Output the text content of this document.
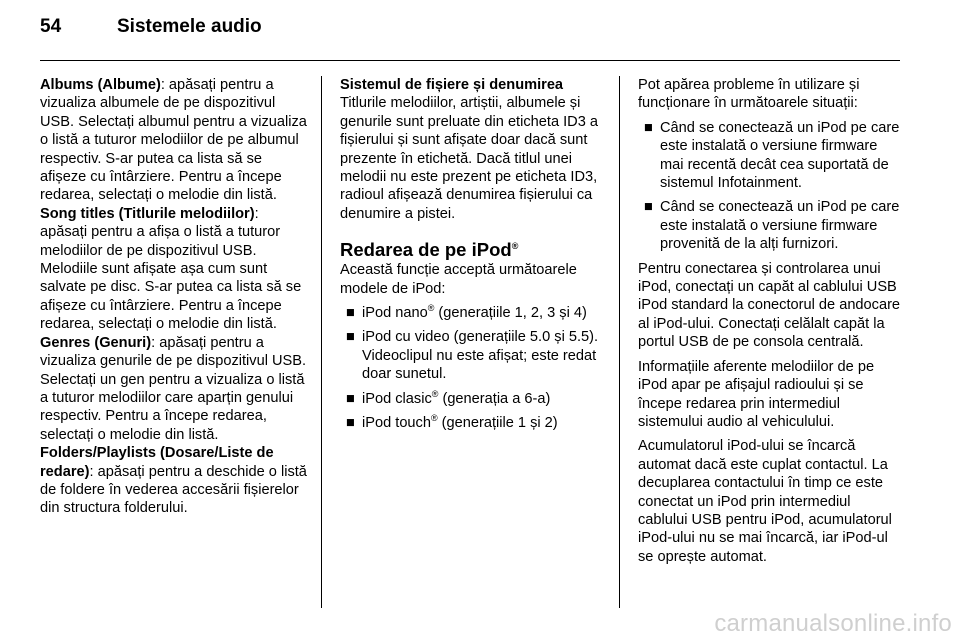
54	Sistemele audio

Albums (Albume): apăsați pentru a vizualiza albumele de pe dispozitivul USB. Selectați albumul pentru a vizualiza o listă a tuturor melodiilor de pe albumul respectiv. S-ar putea ca lista să se afișeze cu întârziere. Pentru a începe redarea, selectați o melodie din listă.

Song titles (Titlurile melodiilor): apăsați pentru a afișa o listă a tuturor melodiilor de pe dispozitivul USB. Melodiile sunt afișate așa cum sunt salvate pe disc. S-ar putea ca lista să se afișeze cu întârziere. Pentru a începe redarea, selectați o melodie din listă.

Genres (Genuri): apăsați pentru a vizualiza genurile de pe dispozitivul USB. Selectați un gen pentru a vizualiza o listă a tuturor melodiilor care aparțin genului respectiv. Pentru a începe redarea, selectați o melodie din listă.

Folders/Playlists (Dosare/Liste de redare): apăsați pentru a deschide o listă de foldere în vederea accesării fișierelor din structura folderului.

Sistemul de fișiere și denumirea

Titlurile melodiilor, artiștii, albumele și genurile sunt preluate din eticheta ID3 a fișierului și sunt afișate doar dacă sunt prezente în etichetă. Dacă titlul unei melodii nu este prezent pe eticheta ID3, radioul afișează denumirea fișierului ca denumire a pistei.

Redarea de pe iPod®

Această funcție acceptă următoarele modele de iPod:

■ iPod nano® (generațiile 1, 2, 3 și 4)
■ iPod cu video (generațiile 5.0 și 5.5). Videoclipul nu este afișat; este redat doar sunetul.
■ iPod clasic® (generația a 6-a)
■ iPod touch® (generațiile 1 și 2)

Pot apărea probleme în utilizare și funcționare în următoarele situații:

■ Când se conectează un iPod pe care este instalată o versiune firmware mai recentă decât cea suportată de sistemul Infotainment.
■ Când se conectează un iPod pe care este instalată o versiune firmware provenită de la alți furnizori.

Pentru conectarea și controlarea unui iPod, conectați un capăt al cablului USB iPod standard la conectorul de andocare al iPod-ului. Conectați celălalt capăt la portul USB de pe consola centrală.

Informațiile aferente melodiilor de pe iPod apar pe afișajul radioului și se începe redarea prin intermediul sistemului audio al vehiculului.

Acumulatorul iPod-ului se încarcă automat dacă este cuplat contactul. La decuplarea contactului în timp ce este conectat un iPod prin intermediul cablului USB pentru iPod, acumulatorul iPod-ului nu se mai încarcă, iar iPod-ul se oprește automat.

carmanualsonline.info
